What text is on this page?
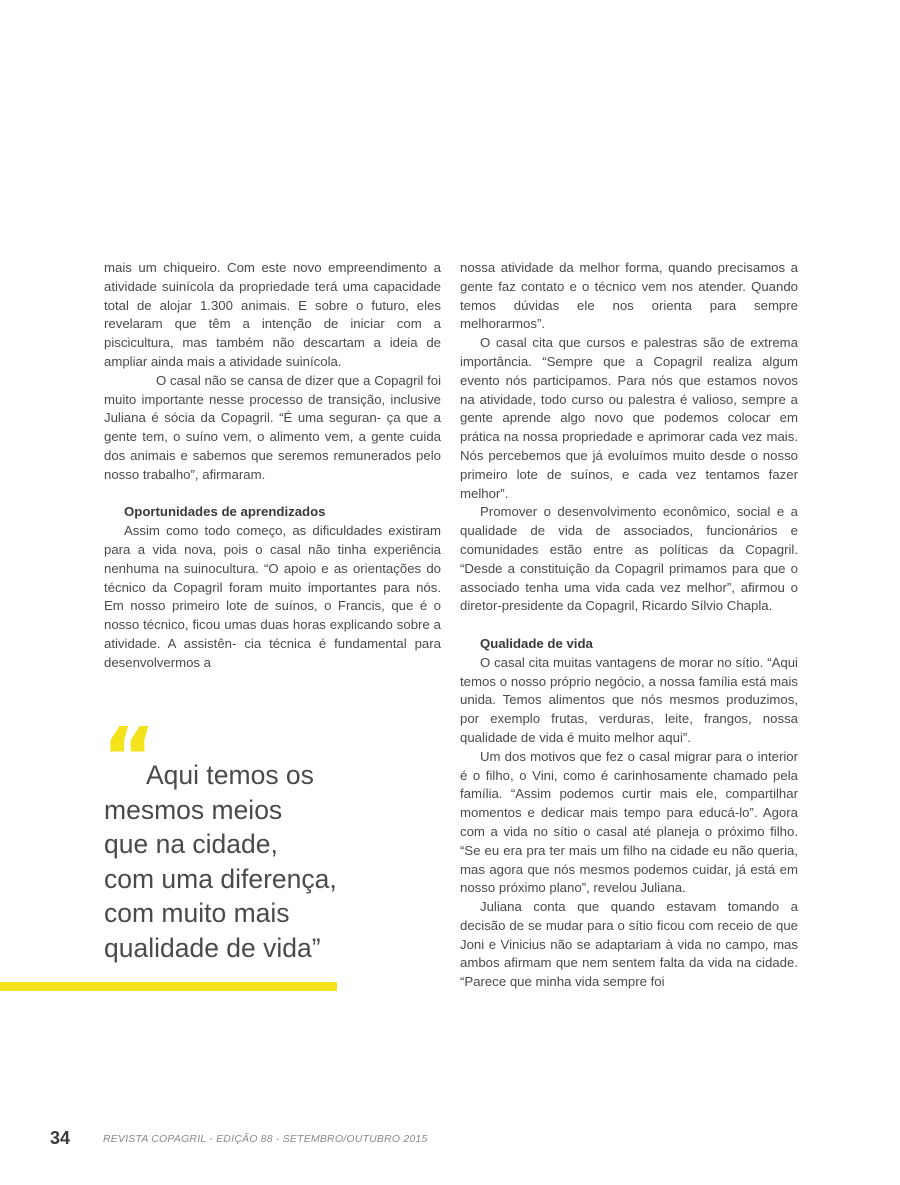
mais um chiqueiro. Com este novo empreendimento a atividade suinícola da propriedade terá uma capacidade total de alojar 1.300 animais. E sobre o futuro, eles revelaram que têm a intenção de iniciar com a piscicultura, mas também não descartam a ideia de ampliar ainda mais a atividade suinícola.

O casal não se cansa de dizer que a Copagril foi muito importante nesse processo de transição, inclusive Juliana é sócia da Copagril. “É uma seguran- ça que a gente tem, o suíno vem, o alimento vem, a gente cuida dos animais e sabemos que seremos remunerados pelo nosso trabalho”, afirmaram.

Oportunidades de aprendizados

Assim como todo começo, as dificuldades existiram para a vida nova, pois o casal não tinha experiência nenhuma na suinocultura. “O apoio e as orientações do técnico da Copagril foram muito importantes para nós. Em nosso primeiro lote de suínos, o Francis, que é o nosso técnico, ficou umas duas horas explicando sobre a atividade. A assistên- cia técnica é fundamental para desenvolvermos a

“

Aqui temos os
mesmos meios
que na cidade,
com uma diferença,
com muito mais
qualidade de vida”

nossa atividade da melhor forma, quando precisamos a gente faz contato e o técnico vem nos atender. Quando temos dúvidas ele nos orienta para sempre melhorarmos”.

O casal cita que cursos e palestras são de extrema importância. “Sempre que a Copagril realiza algum evento nós participamos. Para nós que estamos novos na atividade, todo curso ou palestra é valioso, sempre a gente aprende algo novo que podemos colocar em prática na nossa propriedade e aprimorar cada vez mais. Nós percebemos que já evoluímos muito desde o nosso primeiro lote de suínos, e cada vez tentamos fazer melhor”.

Promover o desenvolvimento econômico, social e a qualidade de vida de associados, funcionários e comunidades estão entre as políticas da Copagril. “Desde a constituição da Copagril primamos para que o associado tenha uma vida cada vez melhor”, afirmou o diretor-presidente da Copagril, Ricardo Sílvio Chapla.

Qualidade de vida

O casal cita muitas vantagens de morar no sítio. “Aqui temos o nosso próprio negócio, a nossa família está mais unida. Temos alimentos que nós mesmos produzimos, por exemplo frutas, verduras, leite, frangos, nossa qualidade de vida é muito melhor aqui”.

Um dos motivos que fez o casal migrar para o interior é o filho, o Vini, como é carinhosamente chamado pela família. “Assim podemos curtir mais ele, compartilhar momentos e dedicar mais tempo para educá-lo”. Agora com a vida no sítio o casal até planeja o próximo filho. “Se eu era pra ter mais um filho na cidade eu não queria, mas agora que nós mesmos podemos cuidar, já está em nosso próximo plano”, revelou Juliana.

Juliana conta que quando estavam tomando a decisão de se mudar para o sítio ficou com receio de que Joni e Vinicius não se adaptariam à vida no campo, mas ambos afirmam que nem sentem falta da vida na cidade. “Parece que minha vida sempre foi

34	REVISTA COPAGRIL - EDIÇÃO 88 - SETEMBRO/OUTUBRO 2015
